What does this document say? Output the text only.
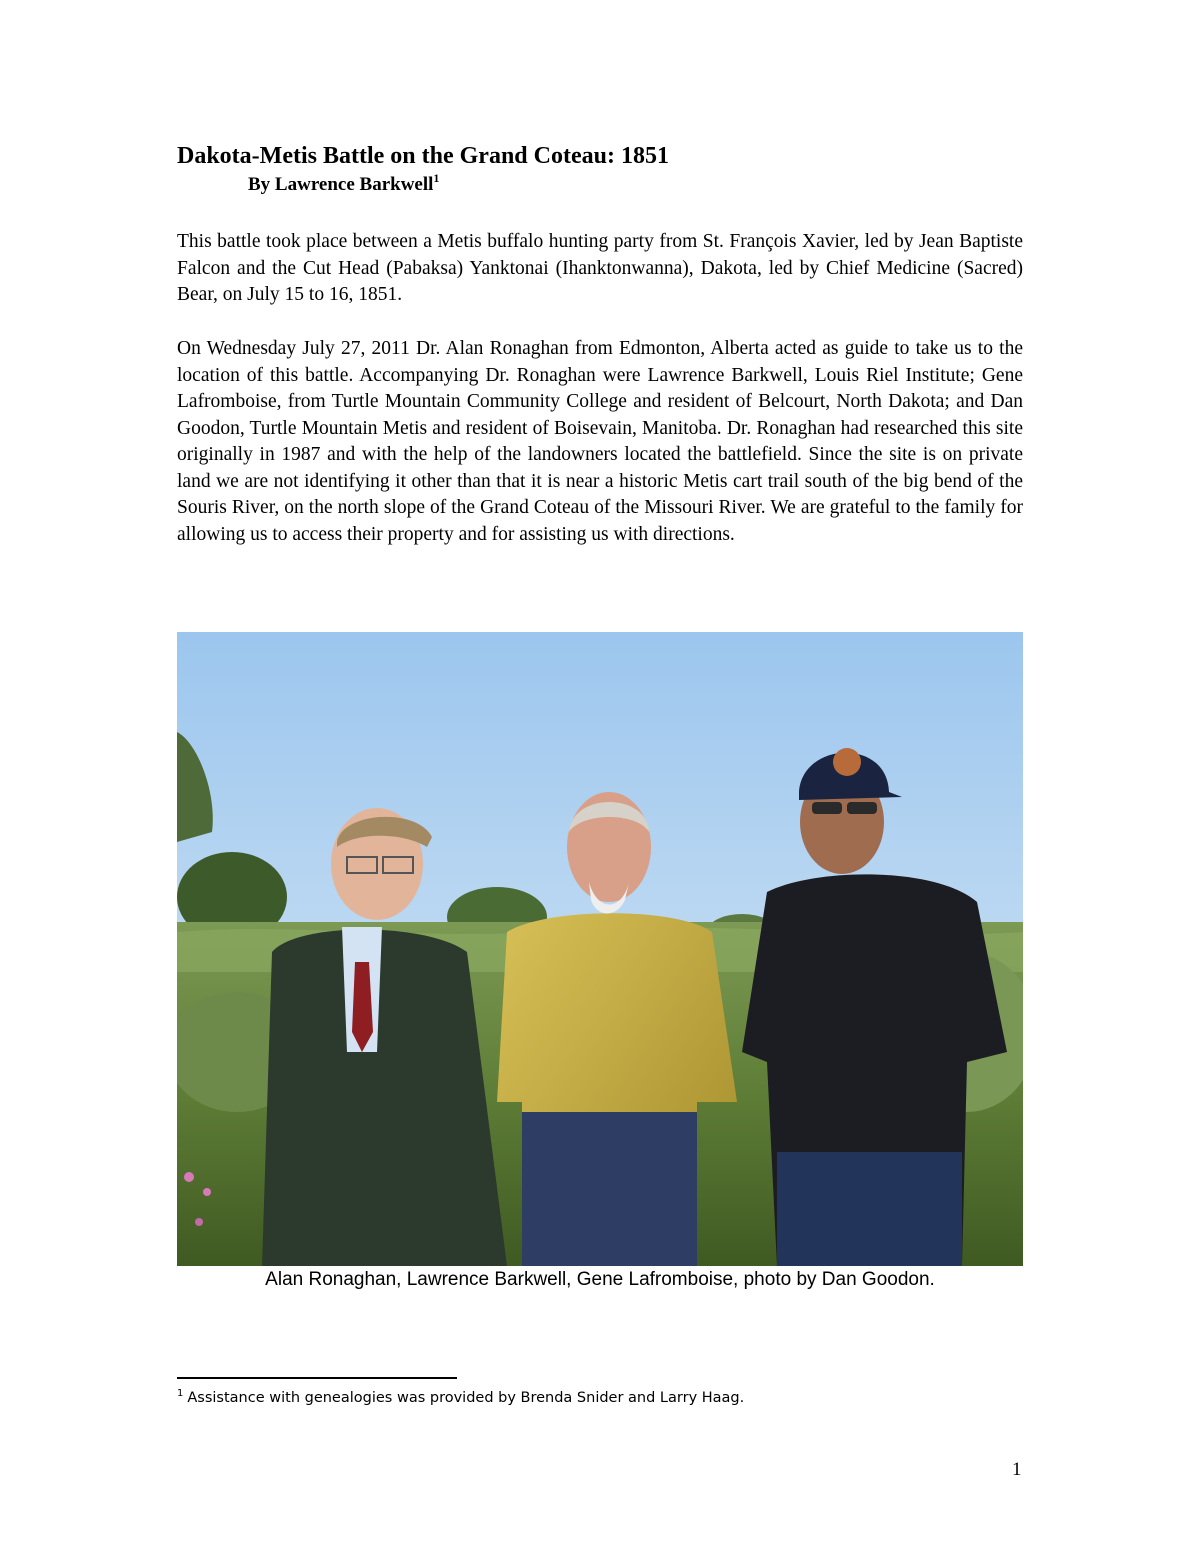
Dakota-Metis Battle on the Grand Coteau: 1851
By Lawrence Barkwell$^1$

This battle took place between a Metis buffalo hunting party from St. François Xavier, led by Jean Baptiste Falcon and the Cut Head (Pabaksa) Yanktonai (Ihanktonwanna), Dakota, led by Chief Medicine (Sacred) Bear, on July 15 to 16, 1851.

On Wednesday July 27, 2011 Dr. Alan Ronaghan from Edmonton, Alberta acted as guide to take us to the location of this battle. Accompanying Dr. Ronaghan were Lawrence Barkwell, Louis Riel Institute; Gene Lafromboise, from Turtle Mountain Community College and resident of Belcourt, North Dakota; and Dan Goodon, Turtle Mountain Metis and resident of Boisevain, Manitoba. Dr. Ronaghan had researched this site originally in 1987 and with the help of the landowners located the battlefield. Since the site is on private land we are not identifying it other than that it is near a historic Metis cart trail south of the big bend of the Souris River, on the north slope of the Grand Coteau of the Missouri River. We are grateful to the family for allowing us to access their property and for assisting us with directions.

Alan Ronaghan, Lawrence Barkwell, Gene Lafromboise, photo by Dan Goodon.
$^1$ Assistance with genealogies was provided by Brenda Snider and Larry Haag.
1
